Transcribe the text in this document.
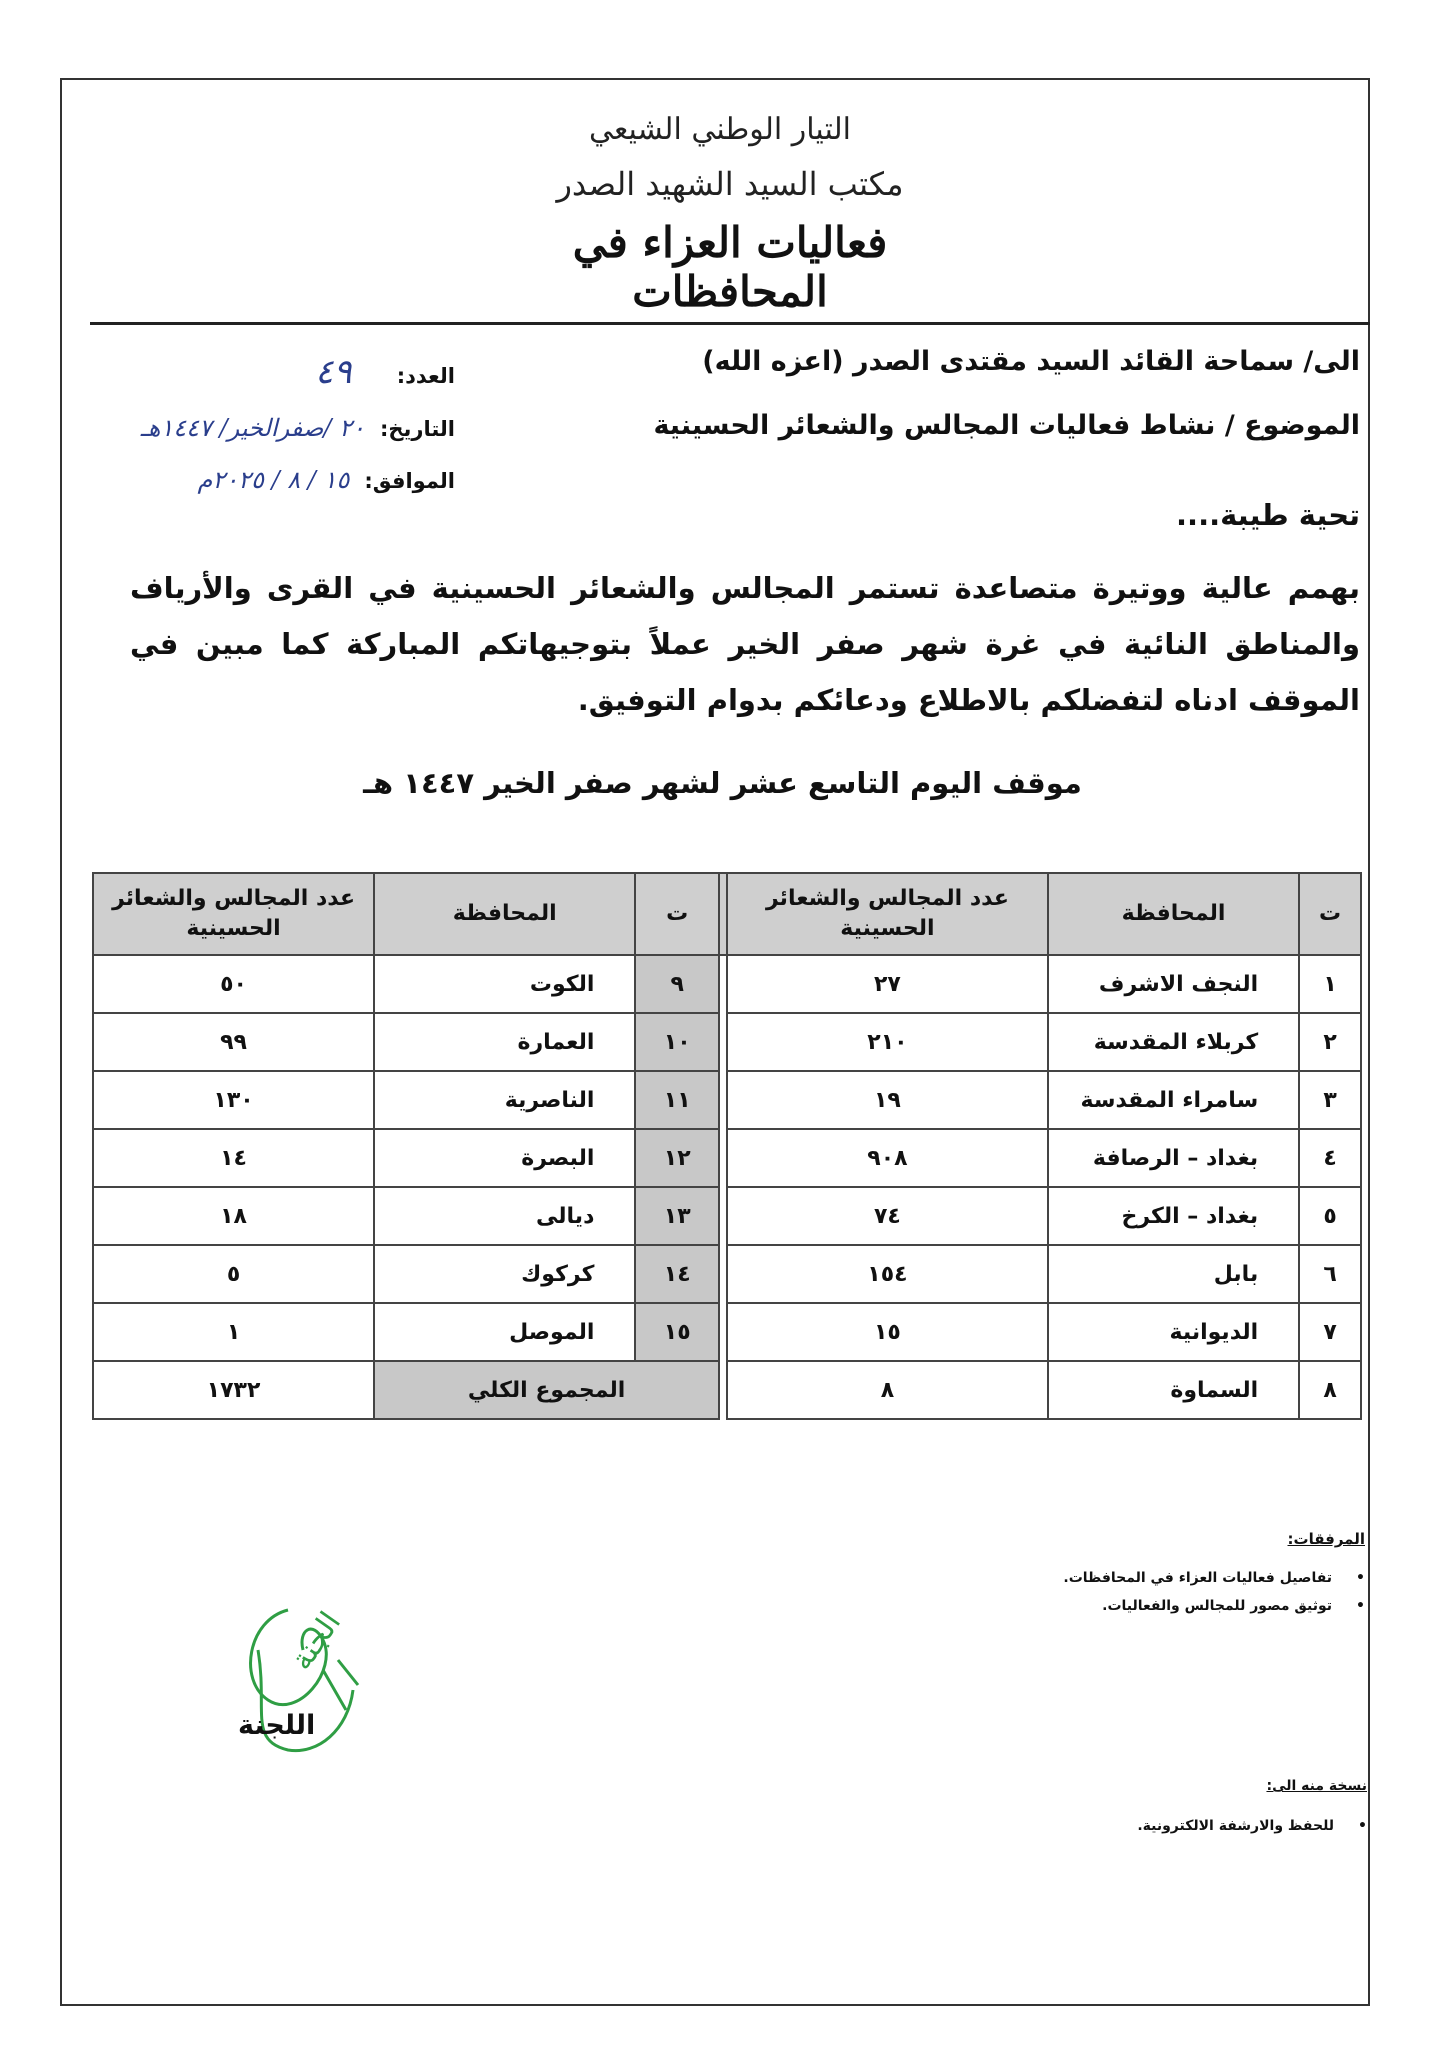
التيار الوطني الشيعي
مكتب السيد الشهيد الصدر
فعاليات العزاء في المحافظات
الى/ سماحة القائد السيد مقتدى الصدر (اعزه الله)
الموضوع / نشاط فعاليات المجالس والشعائر الحسينية
العدد: ٤٩
التاريخ: ٢٠ /صفرالخير/ ١٤٤٧هـ
الموافق: ١٥ / ٨ / ٢٠٢٥م
تحية طيبة....
بهمم عالية ووتيرة متصاعدة تستمر المجالس والشعائر الحسينية في القرى والأرياف والمناطق النائية في غرة شهر صفر الخير عملاً بتوجيهاتكم المباركة كما مبين في الموقف ادناه لتفضلكم بالاطلاع ودعائكم بدوام التوفيق.
موقف اليوم التاسع عشر لشهر صفر الخير ١٤٤٧ هـ
ت	المحافظة	عدد المجالس والشعائر الحسينية		ت	المحافظة	عدد المجالس والشعائر الحسينية
١	النجف الاشرف	٢٧		٩	الكوت	٥٠
٢	كربلاء المقدسة	٢١٠		١٠	العمارة	٩٩
٣	سامراء المقدسة	١٩		١١	الناصرية	١٣٠
٤	بغداد – الرصافة	٩٠٨		١٢	البصرة	١٤
٥	بغداد – الكرخ	٧٤		١٣	ديالى	١٨
٦	بابل	١٥٤		١٤	كركوك	٥
٧	الديوانية	١٥		١٥	الموصل	١
٨	السماوة	٨		المجموع الكلي		١٧٣٢
المرفقات:
• تفاصيل فعاليات العزاء في المحافظات.
• توثيق مصور للمجالس والفعاليات.
الجنة
اللجنة
نسخة منه الى:
• للحفظ والارشفة الالكترونية.
